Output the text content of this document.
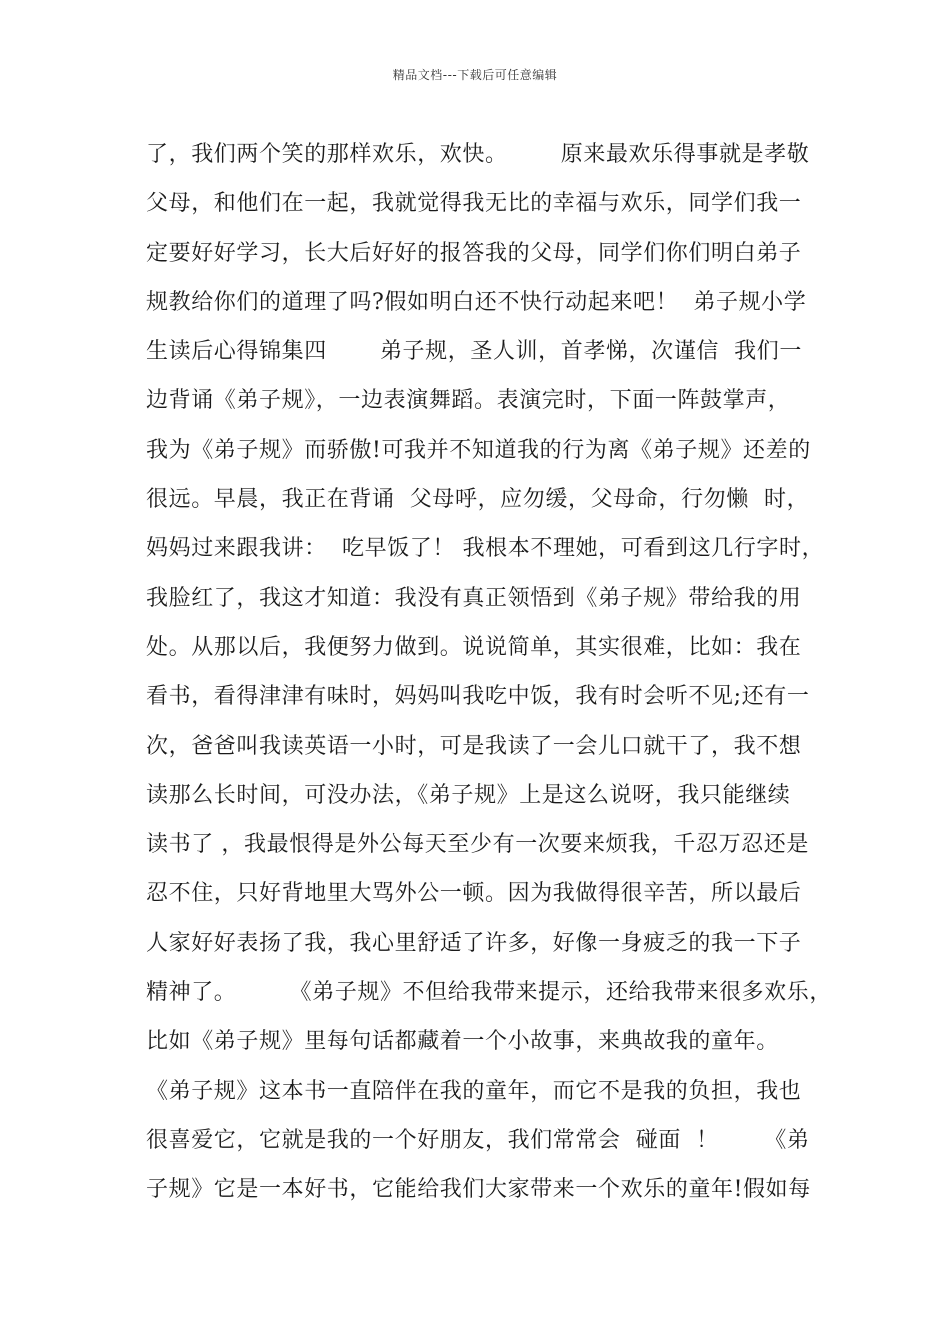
精品文档---下载后可任意编辑
了，我们两个笑的那样欢乐，欢快。       原来最欢乐得事就是孝敬
父母，和他们在一起，我就觉得我无比的幸福与欢乐，同学们我一
定要好好学习，长大后好好的报答我的父母，同学们你们明白弟子
规教给你们的道理了吗?假如明白还不快行动起来吧！  弟子规小学
生读后心得锦集四       弟子规，圣人训，首孝悌，次谨信  我们一
边背诵《弟子规》，一边表演舞蹈。表演完时，下面一阵鼓掌声，
我为《弟子规》而骄傲!可我并不知道我的行为离《弟子规》还差的
很远。早晨，我正在背诵  父母呼，应勿缓，父母命，行勿懒  时，
妈妈过来跟我讲：  吃早饭了！ 我根本不理她，可看到这几行字时，
我脸红了，我这才知道：我没有真正领悟到《弟子规》带给我的用
处。从那以后，我便努力做到。说说简单，其实很难，比如：我在
看书，看得津津有味时，妈妈叫我吃中饭，我有时会听不见;还有一
次，爸爸叫我读英语一小时，可是我读了一会儿口就干了，我不想
读那么长时间，可没办法，《弟子规》上是这么说呀，我只能继续
读书了 ，我最恨得是外公每天至少有一次要来烦我，千忍万忍还是
忍不住，只好背地里大骂外公一顿。因为我做得很辛苦，所以最后
人家好好表扬了我，我心里舒适了许多，好像一身疲乏的我一下子
精神了。       《弟子规》不但给我带来提示，还给我带来很多欢乐，
比如《弟子规》里每句话都藏着一个小故事，来典故我的童年。
《弟子规》这本书一直陪伴在我的童年，而它不是我的负担，我也
很喜爱它，它就是我的一个好朋友，我们常常会  碰面  ！      《弟
子规》它是一本好书，它能给我们大家带来一个欢乐的童年!假如每
